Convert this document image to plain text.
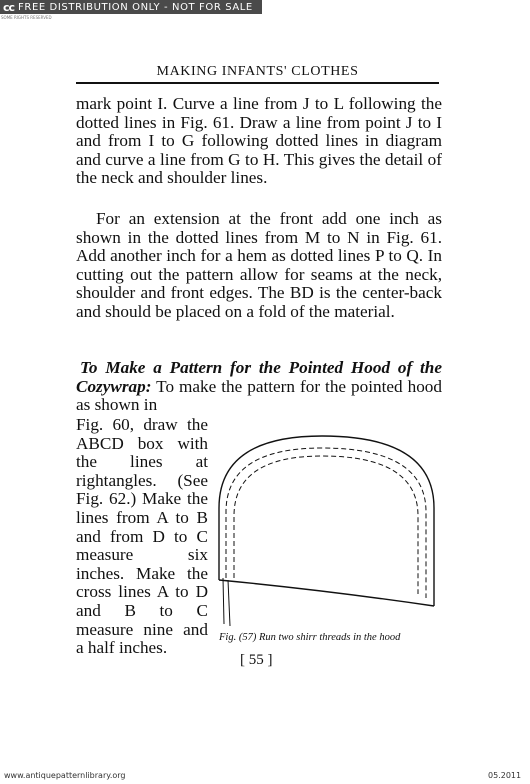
cc FREE DISTRIBUTION ONLY - NOT FOR SALE
SOME RIGHTS RESERVED
MAKING INFANTS' CLOTHES

mark point I. Curve a line from J to L following the dotted lines in Fig. 61. Draw a line from point J to I and from I to G following dotted lines in diagram and curve a line from G to H. This gives the detail of the neck and shoulder lines.

For an extension at the front add one inch as shown in the dotted lines from M to N in Fig. 61. Add another inch for a hem as dotted lines P to Q. In cutting out the pattern allow for seams at the neck, shoulder and front edges. The BD is the center-back and should be placed on a fold of the material.

To Make a Pattern for the Pointed Hood of the Cozywrap: To make the pattern for the pointed hood as shown in

Fig. 60, draw the ABCD box with the lines at rightangles. (See Fig. 62.) Make the lines from A to B and from D to C measure six inches. Make the cross lines A to D and B to C measure nine and a half inches.

Fig. (57) Run two shirr threads in the hood
[ 55 ]
www.antiquepatternlibrary.org	05.2011
